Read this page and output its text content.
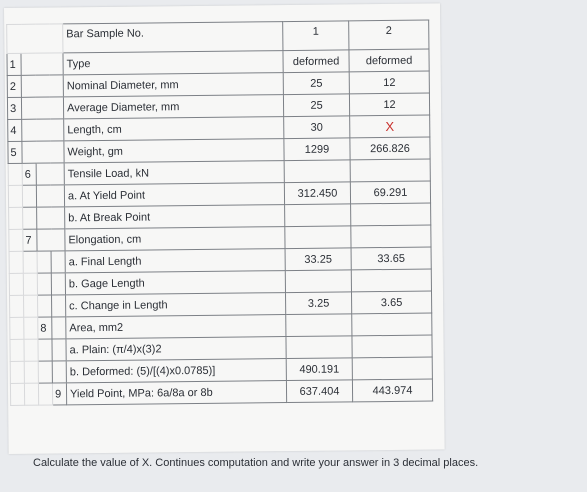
				Bar Sample No.	1	2
1				Type	deformed	deformed
2				Nominal Diameter, mm	25	12
3				Average Diameter, mm	25	12
4				Length, cm	30	X
5				Weight, gm	1299	266.826
	6			Tensile Load, kN		
				a. At Yield Point	312.450	69.291
				b. At Break Point		
	7			Elongation, cm		
				a. Final Length	33.25	33.65
				b. Gage Length		
				c. Change in Length	3.25	3.65
		8		Area, mm2		
				a. Plain: (π/4)x(3)2		
				b. Deformed: (5)/[(4)x0.0785)]	490.191	
			9	Yield Point, MPa: 6a/8a or 8b	637.404	443.974
Calculate the value of X. Continues computation and write your answer in 3 decimal places.
